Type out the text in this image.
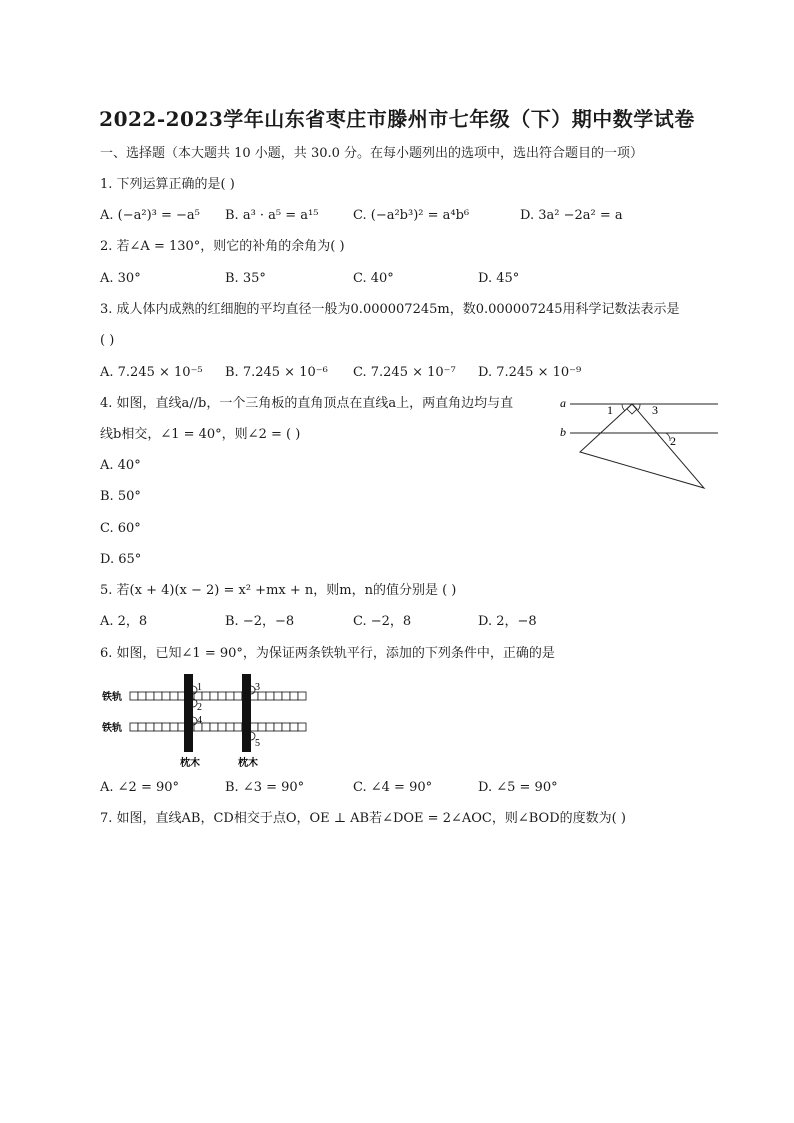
2022-2023学年山东省枣庄市滕州市七年级（下）期中数学试卷
一、选择题（本大题共 10 小题，共 30.0 分。在每小题列出的选项中，选出符合题目的一项）
1. 下列运算正确的是( )
A. (−a²)³ = −a⁵ B. a³ · a⁵ = a¹⁵	C. (−a²b³)² = a⁴b⁶	D. 3a² −2a² = a
2. 若∠A = 130°，则它的补角的余角为( )
A. 30°	B. 35°	C. 40°	D. 45°
3. 成人体内成熟的红细胞的平均直径一般为0.000007245m，数0.000007245用科学记数法表示是
( )
A. 7.245 × 10⁻⁵ B. 7.245 × 10⁻⁶ C. 7.245 × 10⁻⁷ D. 7.245 × 10⁻⁹
4. 如图，直线a//b，一个三角板的直角顶点在直线a上，两直角边均与直
线b相交，∠1 = 40°，则∠2 = ( )
A. 40°
B. 50°
C. 60°
D. 65°
a
b
1	3
2
5. 若(x + 4)(x − 2) = x² +mx + n，则m，n的值分别是 ( )
A. 2，8	B. −2，−8	C. −2，8	D. 2，−8
6. 如图，已知∠1 = 90°，为保证两条铁轨平行，添加的下列条件中，正确的是
铁轨
铁轨
枕木	枕木
1
2
3
4
5
A. ∠2 = 90°	B. ∠3 = 90°	C. ∠4 = 90°	D. ∠5 = 90°
7. 如图，直线AB，CD相交于点O，OE ⊥ AB若∠DOE = 2∠AOC，则∠BOD的度数为( )
